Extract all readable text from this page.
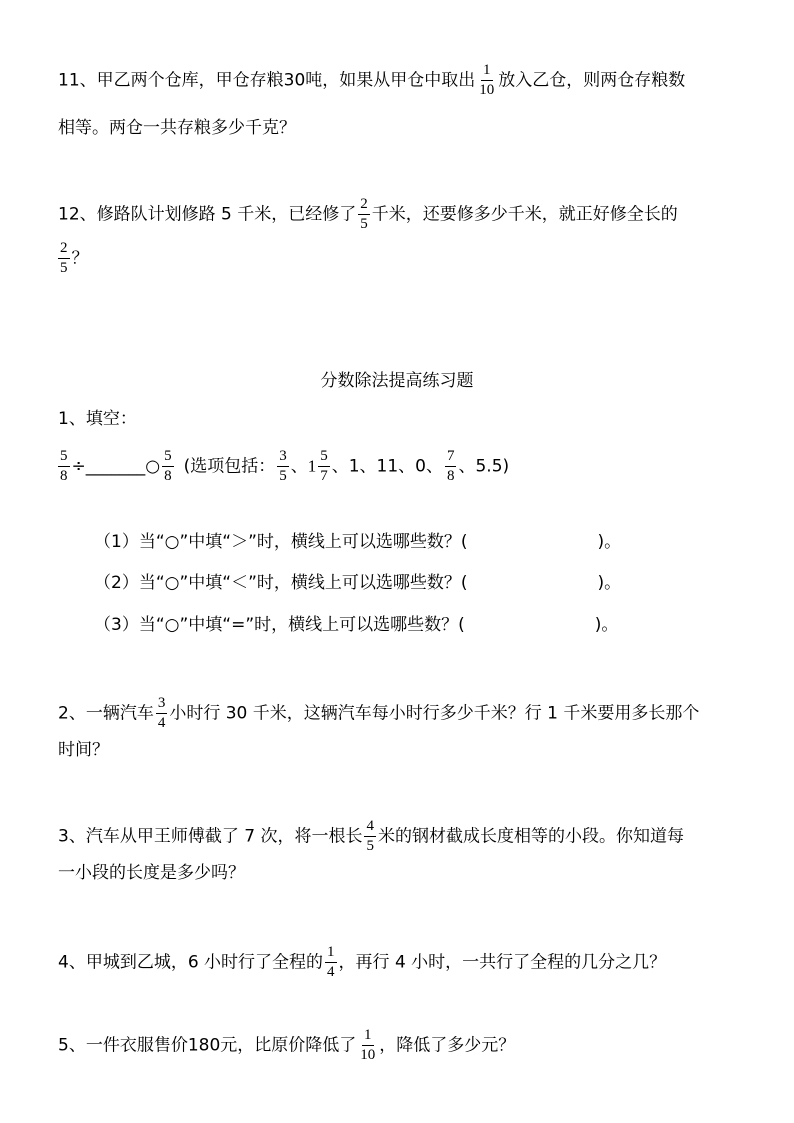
11、甲乙两个仓库，甲仓存粮30吨，如果从甲仓中取出 $\frac{1}{10}$ 放入乙仓，则两仓存粮数
相等。两仓一共存粮多少千克？
12、修路队计划修路 5 千米，已经修了 $\frac{2}{5}$ 千米，还要修多少千米，就正好修全长的
$\frac{2}{5}$ ？
分数除法提高练习题
1、填空：
$\frac{5}{8}$ ÷_______○ $\frac{5}{8}$ (选项包括： $\frac{3}{5}$ 、$1 \frac{5}{7}$ 、1、11、0、 $\frac{7}{8}$ 、5.5)
（1）当“○”中填“＞”时，横线上可以选哪些数？(	)。
（2）当“○”中填“＜”时，横线上可以选哪些数？(	)。
（3）当“○”中填“=”时，横线上可以选哪些数？(	)。
2、一辆汽车 $\frac{3}{4}$ 小时行 30 千米，这辆汽车每小时行多少千米？行 1 千米要用多长那个
时间？
3、汽车从甲王师傅截了 7 次，将一根长 $\frac{4}{5}$ 米的钢材截成长度相等的小段。你知道每
一小段的长度是多少吗？
4、甲城到乙城，6 小时行了全程的 $\frac{1}{4}$ ，再行 4 小时，一共行了全程的几分之几？
5、一件衣服售价180元，比原价降低了 $\frac{1}{10}$ ，降低了多少元？
